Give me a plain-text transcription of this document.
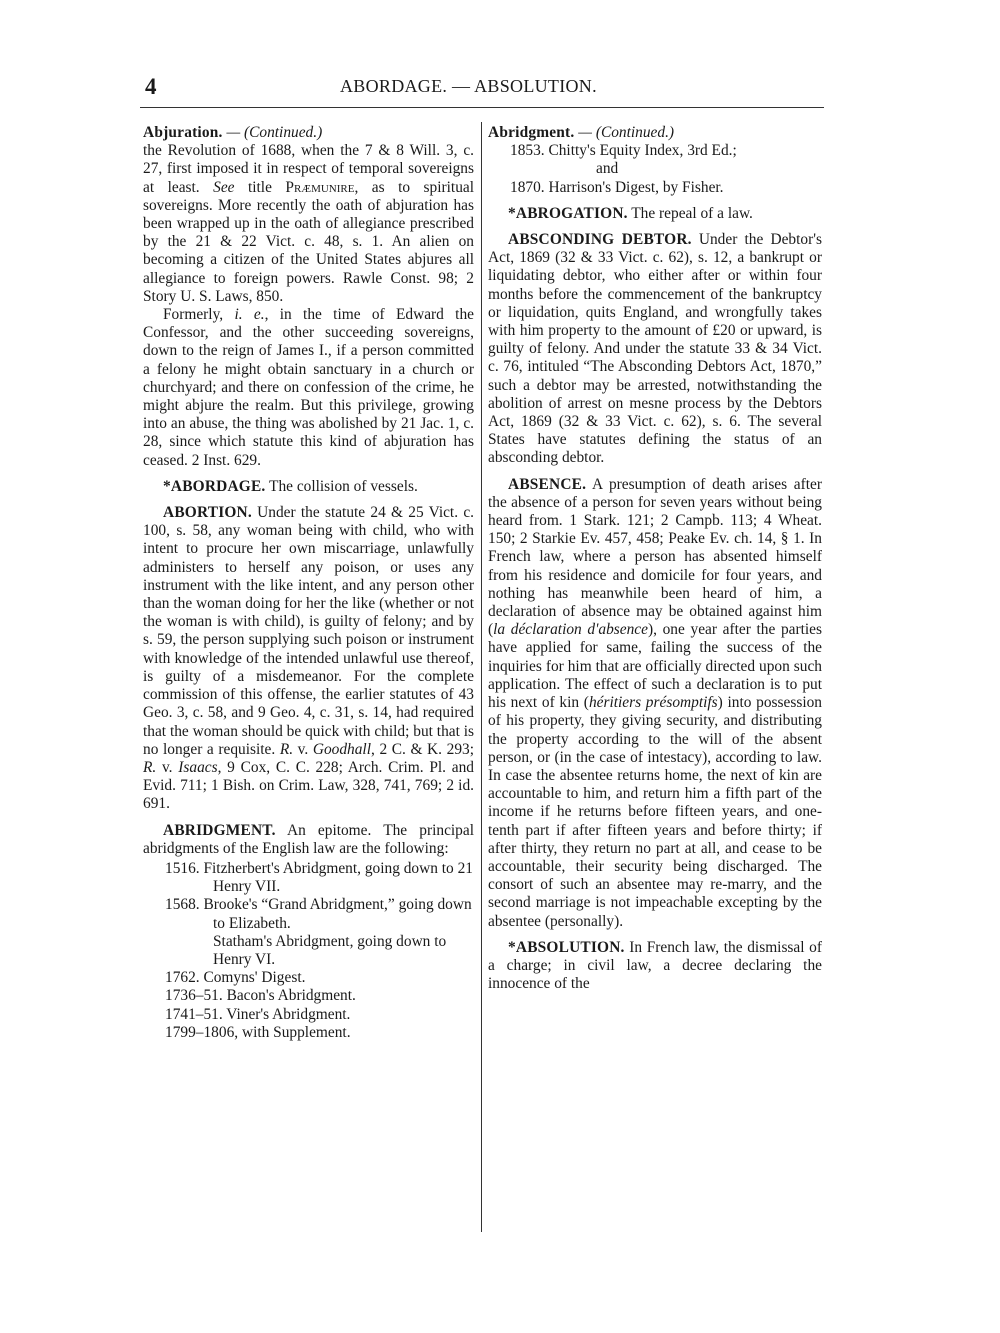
4	ABORDAGE. — ABSOLUTION.

Abjuration. — (Continued.)

the Revolution of 1688, when the 7 & 8 Will. 3, c. 27, first imposed it in respect of temporal sovereigns at least. See title Præmunire, as to spiritual sovereigns. More recently the oath of abjuration has been wrapped up in the oath of allegiance prescribed by the 21 & 22 Vict. c. 48, s. 1. An alien on becoming a citizen of the United States abjures all allegiance to foreign powers. Rawle Const. 98; 2 Story U. S. Laws, 850.

Formerly, i. e., in the time of Edward the Confessor, and the other succeeding sovereigns, down to the reign of James I., if a person committed a felony he might obtain sanctuary in a church or churchyard; and there on confession of the crime, he might abjure the realm. But this privilege, growing into an abuse, the thing was abolished by 21 Jac. 1, c. 28, since which statute this kind of abjuration has ceased. 2 Inst. 629.

*ABORDAGE. The collision of vessels.

ABORTION. Under the statute 24 & 25 Vict. c. 100, s. 58, any woman being with child, who with intent to procure her own miscarriage, unlawfully administers to herself any poison, or uses any instrument with the like intent, and any person other than the woman doing for her the like (whether or not the woman is with child), is guilty of felony; and by s. 59, the person supplying such poison or instrument with knowledge of the intended unlawful use thereof, is guilty of a misdemeanor. For the complete commission of this offense, the earlier statutes of 43 Geo. 3, c. 58, and 9 Geo. 4, c. 31, s. 14, had required that the woman should be quick with child; but that is no longer a requisite. R. v. Goodhall, 2 C. & K. 293; R. v. Isaacs, 9 Cox, C. C. 228; Arch. Crim. Pl. and Evid. 711; 1 Bish. on Crim. Law, 328, 741, 769; 2 id. 691.

ABRIDGMENT. An epitome. The principal abridgments of the English law are the following:

1516. Fitzherbert's Abridgment, going down to 21 Henry VII.
1568. Brooke's “Grand Abridgment,” going down to Elizabeth.
Statham's Abridgment, going down to Henry VI.
1762. Comyns' Digest.
1736–51. Bacon's Abridgment.
1741–51. Viner's Abridgment.
1799–1806, with Supplement.

Abridgment. — (Continued.)

1853. Chitty's Equity Index, 3rd Ed.;
and
1870. Harrison's Digest, by Fisher.

*ABROGATION. The repeal of a law.

ABSCONDING DEBTOR. Under the Debtor's Act, 1869 (32 & 33 Vict. c. 62), s. 12, a bankrupt or liquidating debtor, who either after or within four months before the commencement of the bankruptcy or liquidation, quits England, and wrongfully takes with him property to the amount of £20 or upward, is guilty of felony. And under the statute 33 & 34 Vict. c. 76, intituled “The Absconding Debtors Act, 1870,” such a debtor may be arrested, notwithstanding the abolition of arrest on mesne process by the Debtors Act, 1869 (32 & 33 Vict. c. 62), s. 6. The several States have statutes defining the status of an absconding debtor.

ABSENCE. A presumption of death arises after the absence of a person for seven years without being heard from. 1 Stark. 121; 2 Campb. 113; 4 Wheat. 150; 2 Starkie Ev. 457, 458; Peake Ev. ch. 14, § 1. In French law, where a person has absented himself from his residence and domicile for four years, and nothing has meanwhile been heard of him, a declaration of absence may be obtained against him (la déclaration d'absence), one year after the parties have applied for same, failing the success of the inquiries for him that are officially directed upon such application. The effect of such a declaration is to put his next of kin (héritiers présomptifs) into possession of his property, they giving security, and distributing the property according to the will of the absent person, or (in the case of intestacy), according to law. In case the absentee returns home, the next of kin are accountable to him, and return him a fifth part of the income if he returns before fifteen years, and one-tenth part if after fifteen years and before thirty; if after thirty, they return no part at all, and cease to be accountable, their security being discharged. The consort of such an absentee may re-marry, and the second marriage is not impeachable excepting by the absentee (personally).

*ABSOLUTION. In French law, the dismissal of a charge; in civil law, a decree declaring the innocence of the
